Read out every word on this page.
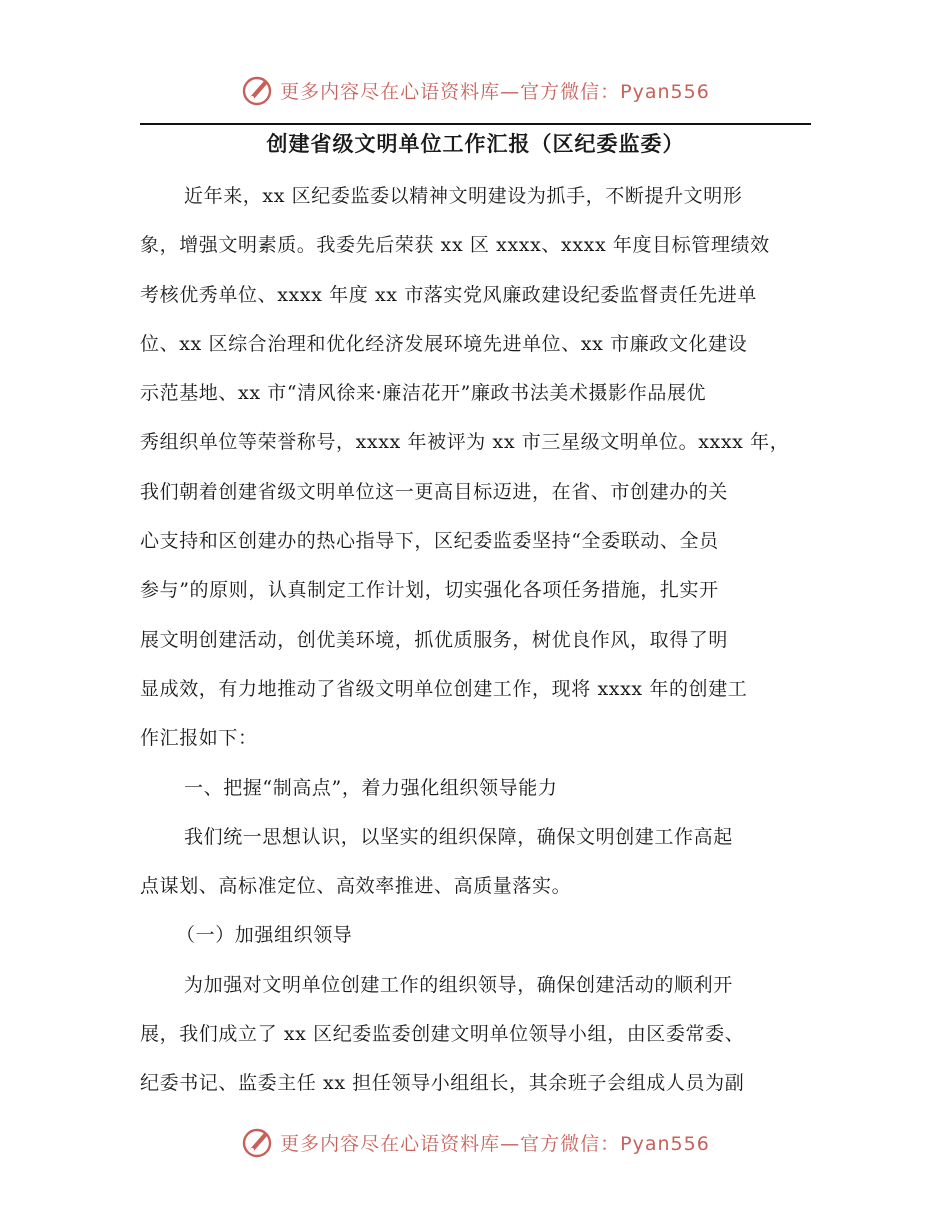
更多内容尽在心语资料库—官方微信：Pyan556
创建省级文明单位工作汇报（区纪委监委）
近年来，xx 区纪委监委以精神文明建设为抓手，不断提升文明形
象，增强文明素质。我委先后荣获 xx 区 xxxx、xxxx 年度目标管理绩效
考核优秀单位、xxxx 年度 xx 市落实党风廉政建设纪委监督责任先进单
位、xx 区综合治理和优化经济发展环境先进单位、xx 市廉政文化建设
示范基地、xx 市“清风徐来·廉洁花开”廉政书法美术摄影作品展优
秀组织单位等荣誉称号，xxxx 年被评为 xx 市三星级文明单位。xxxx 年，
我们朝着创建省级文明单位这一更高目标迈进，在省、市创建办的关
心支持和区创建办的热心指导下，区纪委监委坚持“全委联动、全员
参与”的原则，认真制定工作计划，切实强化各项任务措施，扎实开
展文明创建活动，创优美环境，抓优质服务，树优良作风，取得了明
显成效，有力地推动了省级文明单位创建工作，现将 xxxx 年的创建工
作汇报如下：
一、把握“制高点”，着力强化组织领导能力
我们统一思想认识，以坚实的组织保障，确保文明创建工作高起
点谋划、高标准定位、高效率推进、高质量落实。
（一）加强组织领导
为加强对文明单位创建工作的组织领导，确保创建活动的顺利开
展，我们成立了 xx 区纪委监委创建文明单位领导小组，由区委常委、
纪委书记、监委主任 xx 担任领导小组组长，其余班子会组成人员为副
更多内容尽在心语资料库—官方微信：Pyan556
